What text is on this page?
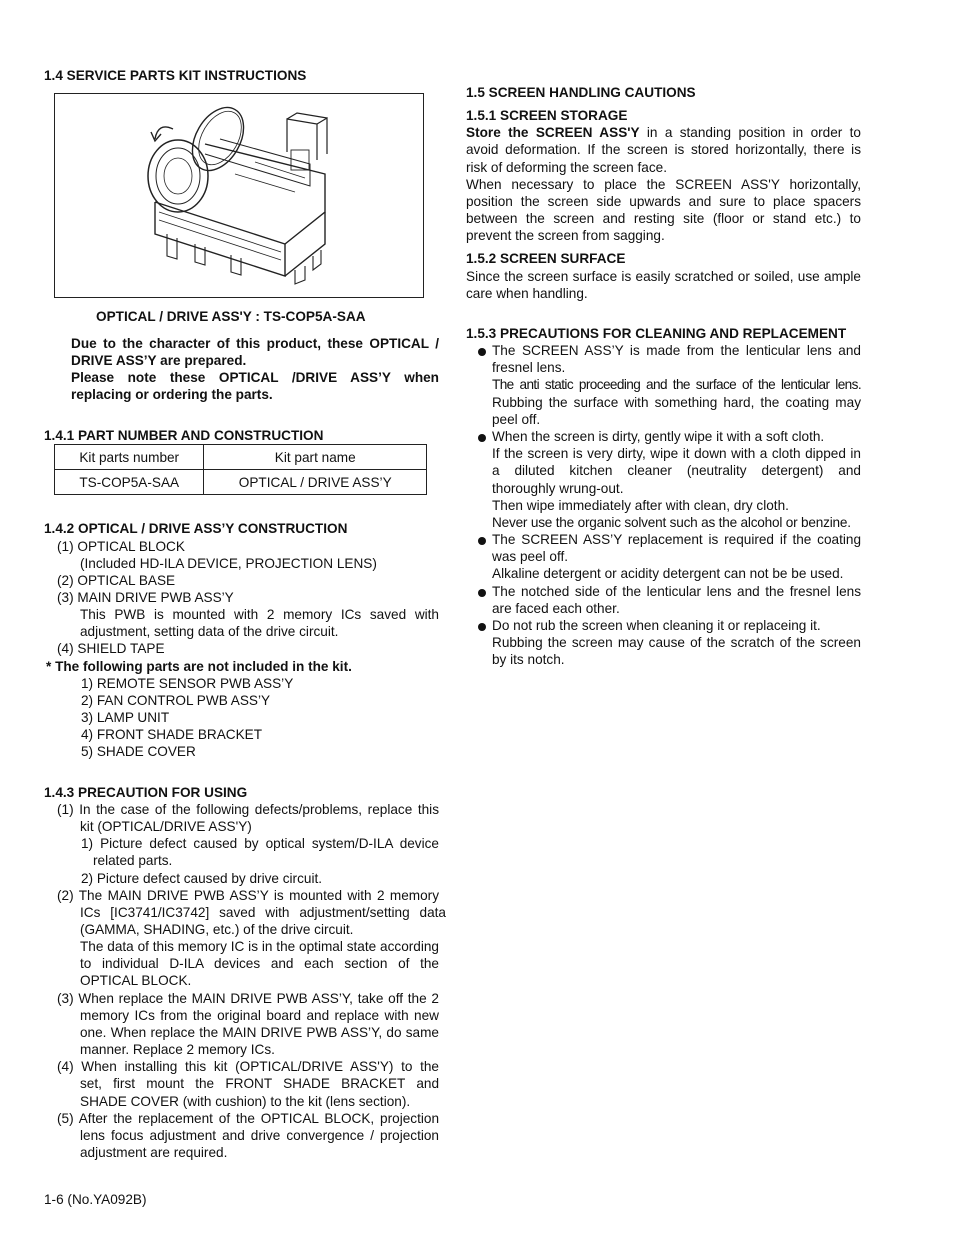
1.4 SERVICE PARTS KIT INSTRUCTIONS
OPTICAL / DRIVE ASS'Y : TS-COP5A-SAA
Due to the character of this product, these OPTICAL /
DRIVE ASS’Y are prepared.
Please note these OPTICAL /DRIVE ASS’Y when
replacing or ordering the parts.
1.4.1 PART NUMBER AND CONSTRUCTION
Kit parts number	Kit part name
TS-COP5A-SAA	OPTICAL / DRIVE ASS’Y
1.4.2 OPTICAL / DRIVE ASS’Y CONSTRUCTION
(1) OPTICAL BLOCK
(Included HD-ILA DEVICE, PROJECTION LENS)
(2) OPTICAL BASE
(3) MAIN DRIVE PWB ASS’Y
This PWB is mounted with 2 memory ICs saved with
adjustment, setting data of the drive circuit.
(4) SHIELD TAPE
* The following parts are not included in the kit.
1) REMOTE SENSOR PWB ASS’Y
2) FAN CONTROL PWB ASS’Y
3) LAMP UNIT
4) FRONT SHADE BRACKET
5) SHADE COVER
1.4.3 PRECAUTION FOR USING
(1) In the case of the following defects/problems, replace this
kit (OPTICAL/DRIVE ASS'Y)
1) Picture defect caused by optical system/D-ILA device
related parts.
2) Picture defect caused by drive circuit.
(2) The MAIN DRIVE PWB ASS’Y is mounted with 2 memory
ICs [IC3741/IC3742] saved with adjustment/setting data
(GAMMA, SHADING, etc.) of the drive circuit.
The data of this memory IC is in the optimal state according
to individual D-ILA devices and each section of the
OPTICAL BLOCK.
(3) When replace the MAIN DRIVE PWB ASS’Y, take off the 2
memory ICs from the original board and replace with new
one. When replace the MAIN DRIVE PWB ASS’Y, do same
manner. Replace 2 memory ICs.
(4) When installing this kit (OPTICAL/DRIVE ASS'Y) to the
set, first mount the FRONT SHADE BRACKET and
SHADE COVER (with cushion) to the kit (lens section).
(5) After the replacement of the OPTICAL BLOCK, projection
lens focus adjustment and drive convergence / projection
adjustment are required.
1-6 (No.YA092B)
1.5 SCREEN HANDLING CAUTIONS
1.5.1 SCREEN STORAGE
Store the SCREEN ASS'Y in a standing position in order to
avoid deformation. If the screen is stored horizontally, there is
risk of deforming the screen face.
When necessary to place the SCREEN ASS'Y horizontally,
position the screen side upwards and sure to place spacers
between the screen and resting site (floor or stand etc.) to
prevent the screen from sagging.
1.5.2 SCREEN SURFACE
Since the screen surface is easily scratched or soiled, use ample
care when handling.
1.5.3 PRECAUTIONS FOR CLEANING AND REPLACEMENT
The SCREEN ASS’Y is made from the lenticular lens and
fresnel lens.
The anti static proceeding and the surface of the lenticular lens.
Rubbing the surface with something hard, the coating may
peel off.
When the screen is dirty, gently wipe it with a soft cloth.
If the screen is very dirty, wipe it down with a cloth dipped in
a diluted kitchen cleaner (neutrality detergent) and
thoroughly wrung-out.
Then wipe immediately after with clean, dry cloth.
Never use the organic solvent such as the alcohol or benzine.
The SCREEN ASS’Y replacement is required if the coating
was peel off.
Alkaline detergent or acidity detergent can not be be used.
The notched side of the lenticular lens and the fresnel lens
are faced each other.
Do not rub the screen when cleaning it or replaceing it.
Rubbing the screen may cause of the scratch of the screen
by its notch.
